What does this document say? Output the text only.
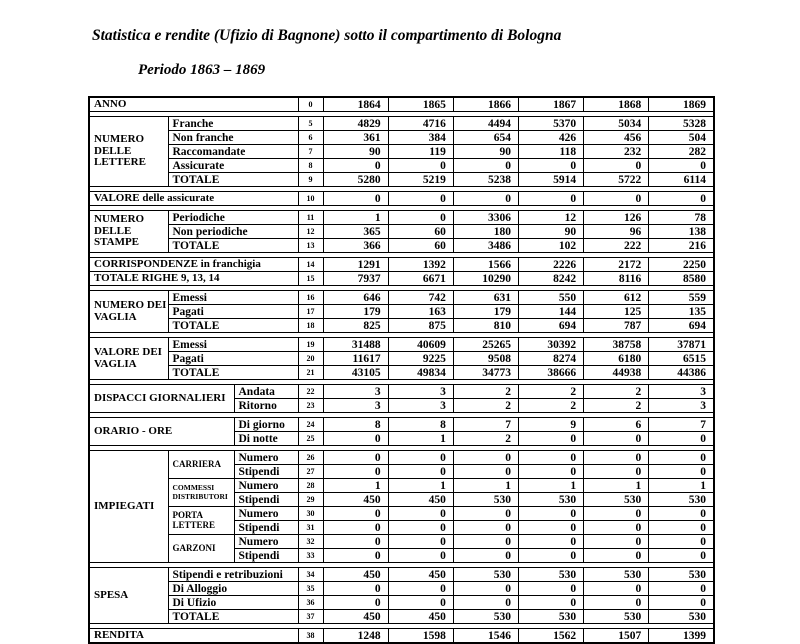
Statistica e rendite (Ufizio di Bagnone) sotto il compartimento di Bologna
Periodo 1863 – 1869
ANNO			0	1864	1865	1866	1867	1868	1869

NUMERO DELLE LETTERE	Franche		5	4829	4716	4494	5370	5034	5328
	Non franche		6	361	384	654	426	456	504
	Raccomandate		7	90	119	90	118	232	282
	Assicurate		8	0	0	0	0	0	0
	TOTALE		9	5280	5219	5238	5914	5722	6114

VALORE delle assicurate			10	0	0	0	0	0	0

NUMERO DELLE STAMPE	Periodiche		11	1	0	3306	12	126	78
	Non periodiche		12	365	60	180	90	96	138
	TOTALE		13	366	60	3486	102	222	216

CORRISPONDENZE in franchigia			14	1291	1392	1566	2226	2172	2250
TOTALE RIGHE 9, 13, 14			15	7937	6671	10290	8242	8116	8580

NUMERO DEI VAGLIA	Emessi		16	646	742	631	550	612	559
	Pagati		17	179	163	179	144	125	135
	TOTALE		18	825	875	810	694	787	694

VALORE DEI VAGLIA	Emessi		19	31488	40609	25265	30392	38758	37871
	Pagati		20	11617	9225	9508	8274	6180	6515
	TOTALE		21	43105	49834	34773	38666	44938	44386

DISPACCI GIORNALIERI		Andata	22	3	3	2	2	2	3
		Ritorno	23	3	3	2	2	2	3

ORARIO - ORE		Di giorno	24	8	8	7	9	6	7
		Di notte	25	0	1	2	0	0	0

IMPIEGATI	CARRIERA	Numero	26	0	0	0	0	0	0
		Stipendi	27	0	0	0	0	0	0
	COMMESSI DISTRIBUTORI	Numero	28	1	1	1	1	1	1
		Stipendi	29	450	450	530	530	530	530
	PORTA LETTERE	Numero	30	0	0	0	0	0	0
		Stipendi	31	0	0	0	0	0	0
	GARZONI	Numero	32	0	0	0	0	0	0
		Stipendi	33	0	0	0	0	0	0

SPESA	Stipendi e retribuzioni		34	450	450	530	530	530	530
	Di Alloggio		35	0	0	0	0	0	0
	Di Ufizio		36	0	0	0	0	0	0
	TOTALE		37	450	450	530	530	530	530

RENDITA			38	1248	1598	1546	1562	1507	1399
